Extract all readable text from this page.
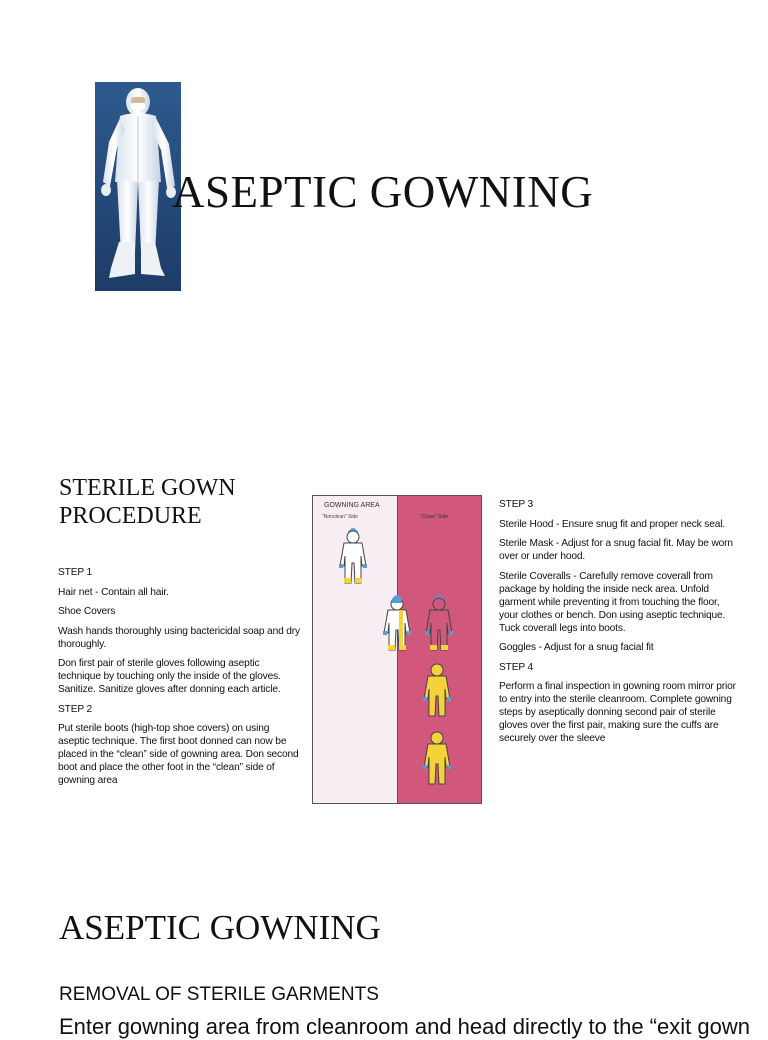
ASEPTIC GOWNING
STERILE GOWN
PROCEDURE

STEP 1

Hair net - Contain all hair.

Shoe Covers

Wash hands thoroughly using bactericidal soap and dry thoroughly.

Don first pair of sterile gloves following aseptic technique by touching only the inside of the gloves. Sanitize. Sanitize gloves after donning each article.

STEP 2

Put sterile boots (high-top shoe covers) on using aseptic technique. The first boot donned can now be placed in the “clean” side of gowning area. Don second boot and place the other foot in the “clean” side of gowning area

GOWNING AREA
"Nonclean" Side	"Clean" Side

STEP 3

Sterile Hood - Ensure snug fit and proper neck seal.

Sterile Mask - Adjust for a snug facial fit. May be worn over or under hood.

Sterile Coveralls - Carefully remove coverall from package by holding the inside neck area. Unfold garment while preventing it from touching the floor, your clothes or bench. Don using aseptic technique. Tuck coverall legs into boots.

Goggles - Adjust for a snug facial fit

STEP 4

Perform a final inspection in gowning room mirror prior to entry into the sterile cleanroom. Complete gowning steps by aseptically donning second pair of sterile gloves over the first pair, making sure the cuffs are securely over the sleeve

ASEPTIC GOWNING
REMOVAL OF STERILE GARMENTS
Enter gowning area from cleanroom and head directly to the “exit gown
